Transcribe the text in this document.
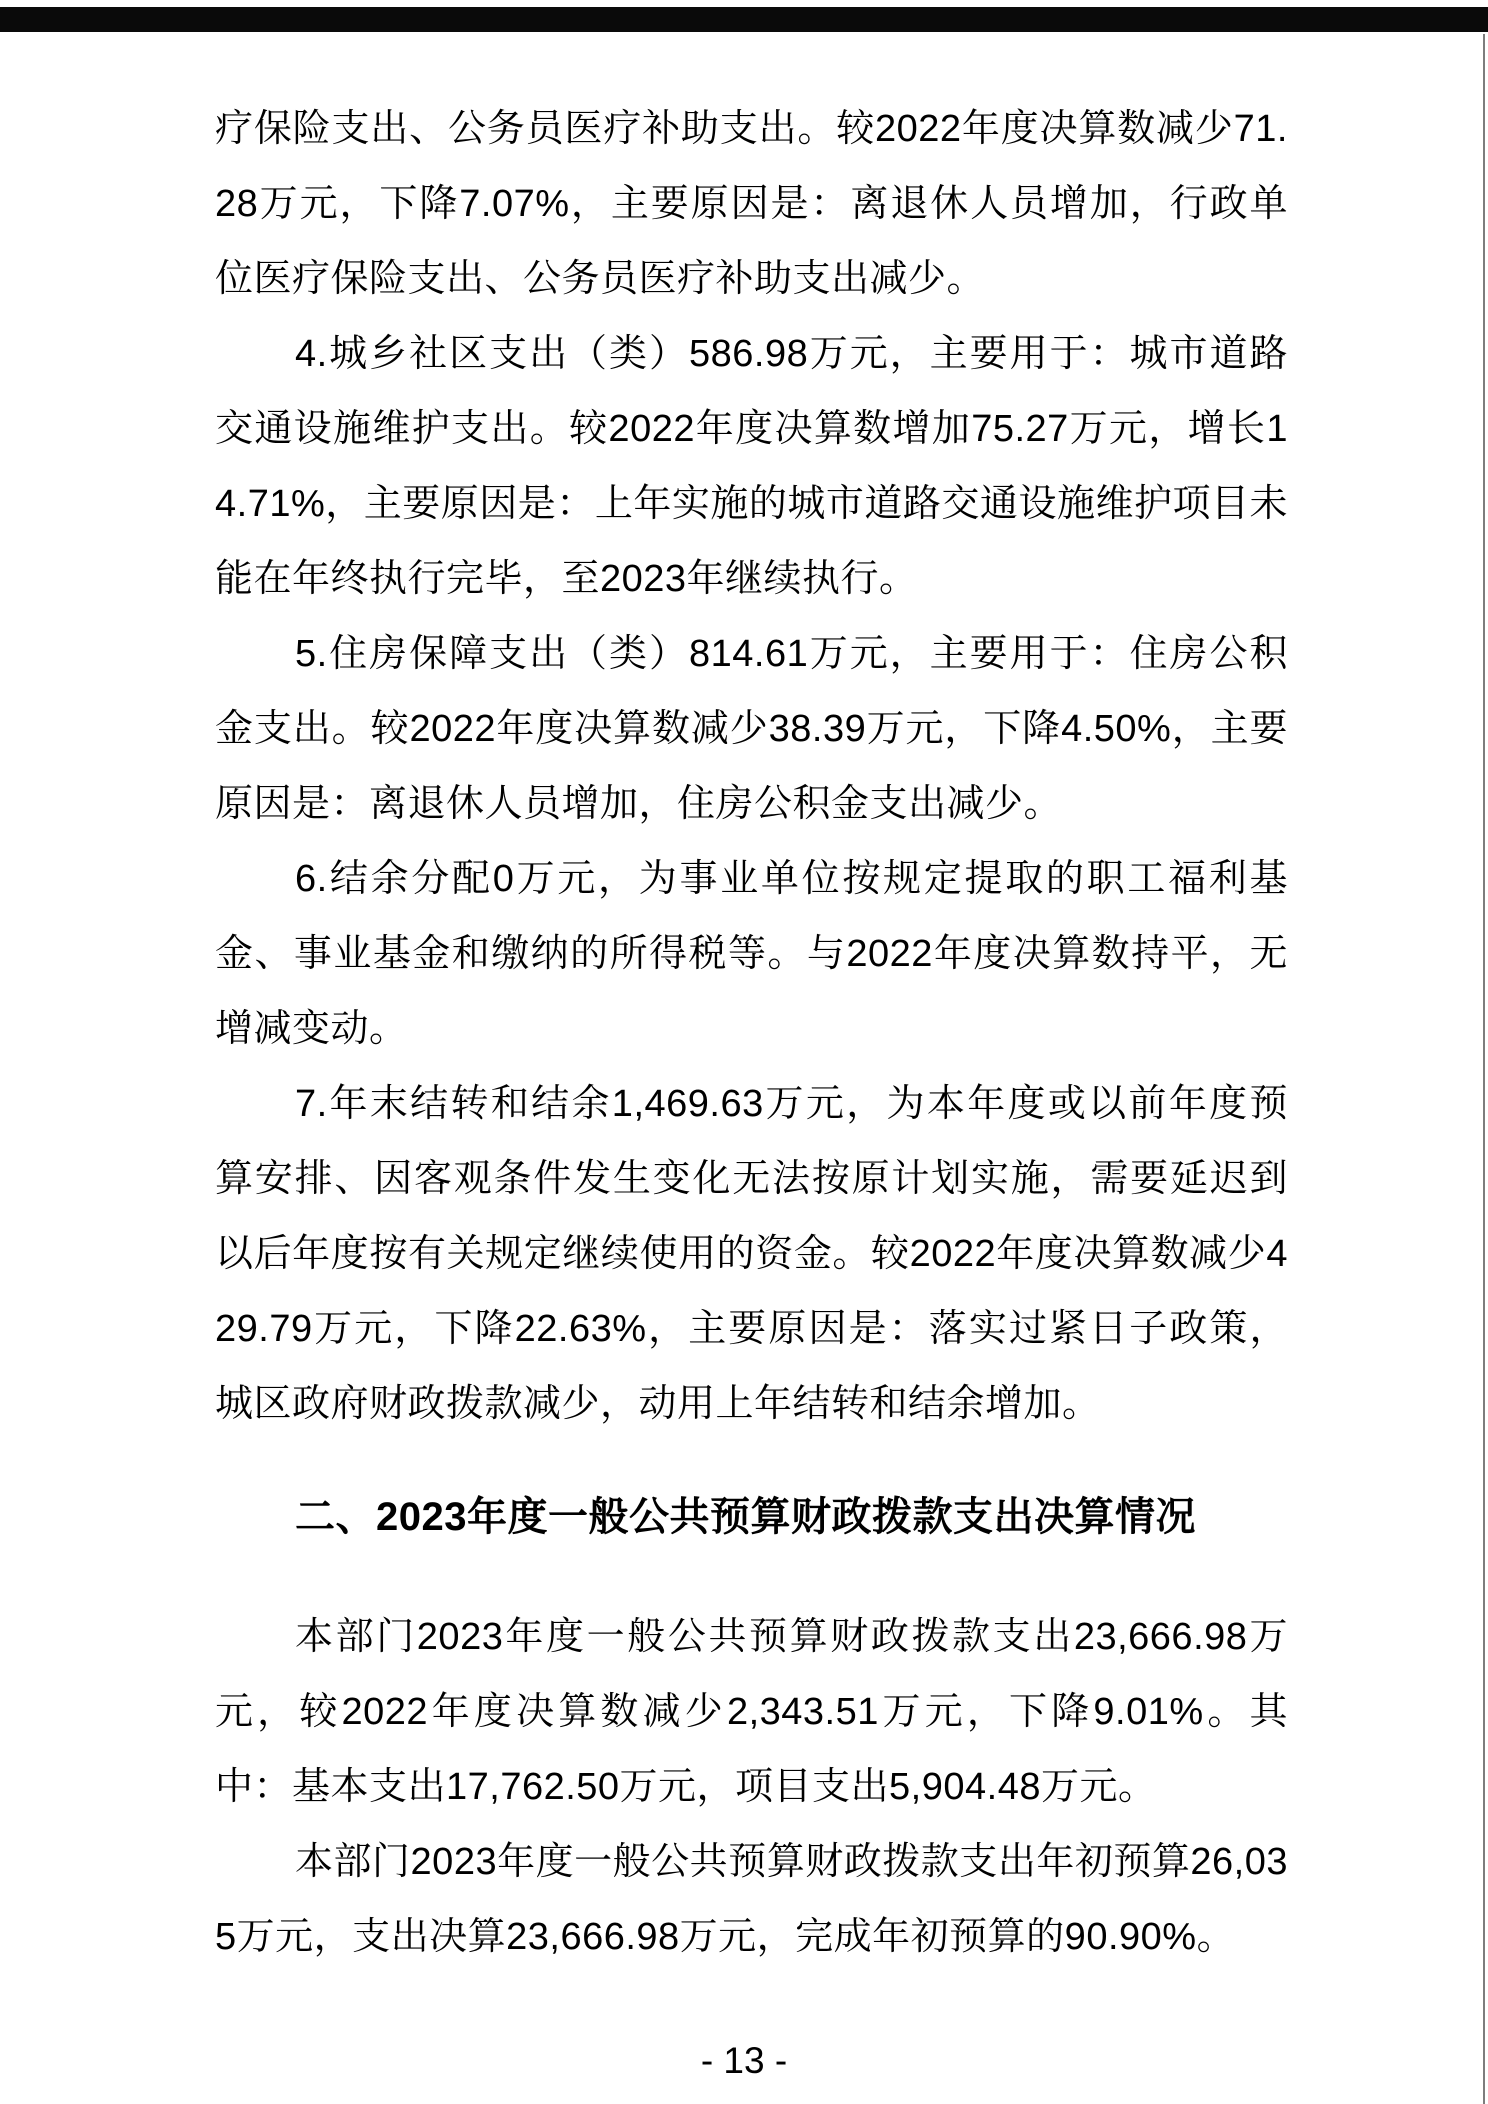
疗保险支出、公务员医疗补助支出。较2022年度决算数减少71.28万元，下降7.07%，主要原因是：离退休人员增加，行政单位医疗保险支出、公务员医疗补助支出减少。

4.城乡社区支出（类）586.98万元，主要用于：城市道路交通设施维护支出。较2022年度决算数增加75.27万元，增长14.71%，主要原因是：上年实施的城市道路交通设施维护项目未能在年终执行完毕，至2023年继续执行。

5.住房保障支出（类）814.61万元，主要用于：住房公积金支出。较2022年度决算数减少38.39万元，下降4.50%，主要原因是：离退休人员增加，住房公积金支出减少。

6.结余分配0万元，为事业单位按规定提取的职工福利基金、事业基金和缴纳的所得税等。与2022年度决算数持平，无增减变动。

7.年末结转和结余1,469.63万元，为本年度或以前年度预算安排、因客观条件发生变化无法按原计划实施，需要延迟到以后年度按有关规定继续使用的资金。较2022年度决算数减少429.79万元，下降22.63%，主要原因是：落实过紧日子政策，城区政府财政拨款减少，动用上年结转和结余增加。

二、2023年度一般公共预算财政拨款支出决算情况

本部门2023年度一般公共预算财政拨款支出23,666.98万元，较2022年度决算数减少2,343.51万元，下降9.01%。其中：基本支出17,762.50万元，项目支出5,904.48万元。

本部门2023年度一般公共预算财政拨款支出年初预算26,035万元，支出决算23,666.98万元，完成年初预算的90.90%。

- 13 -
